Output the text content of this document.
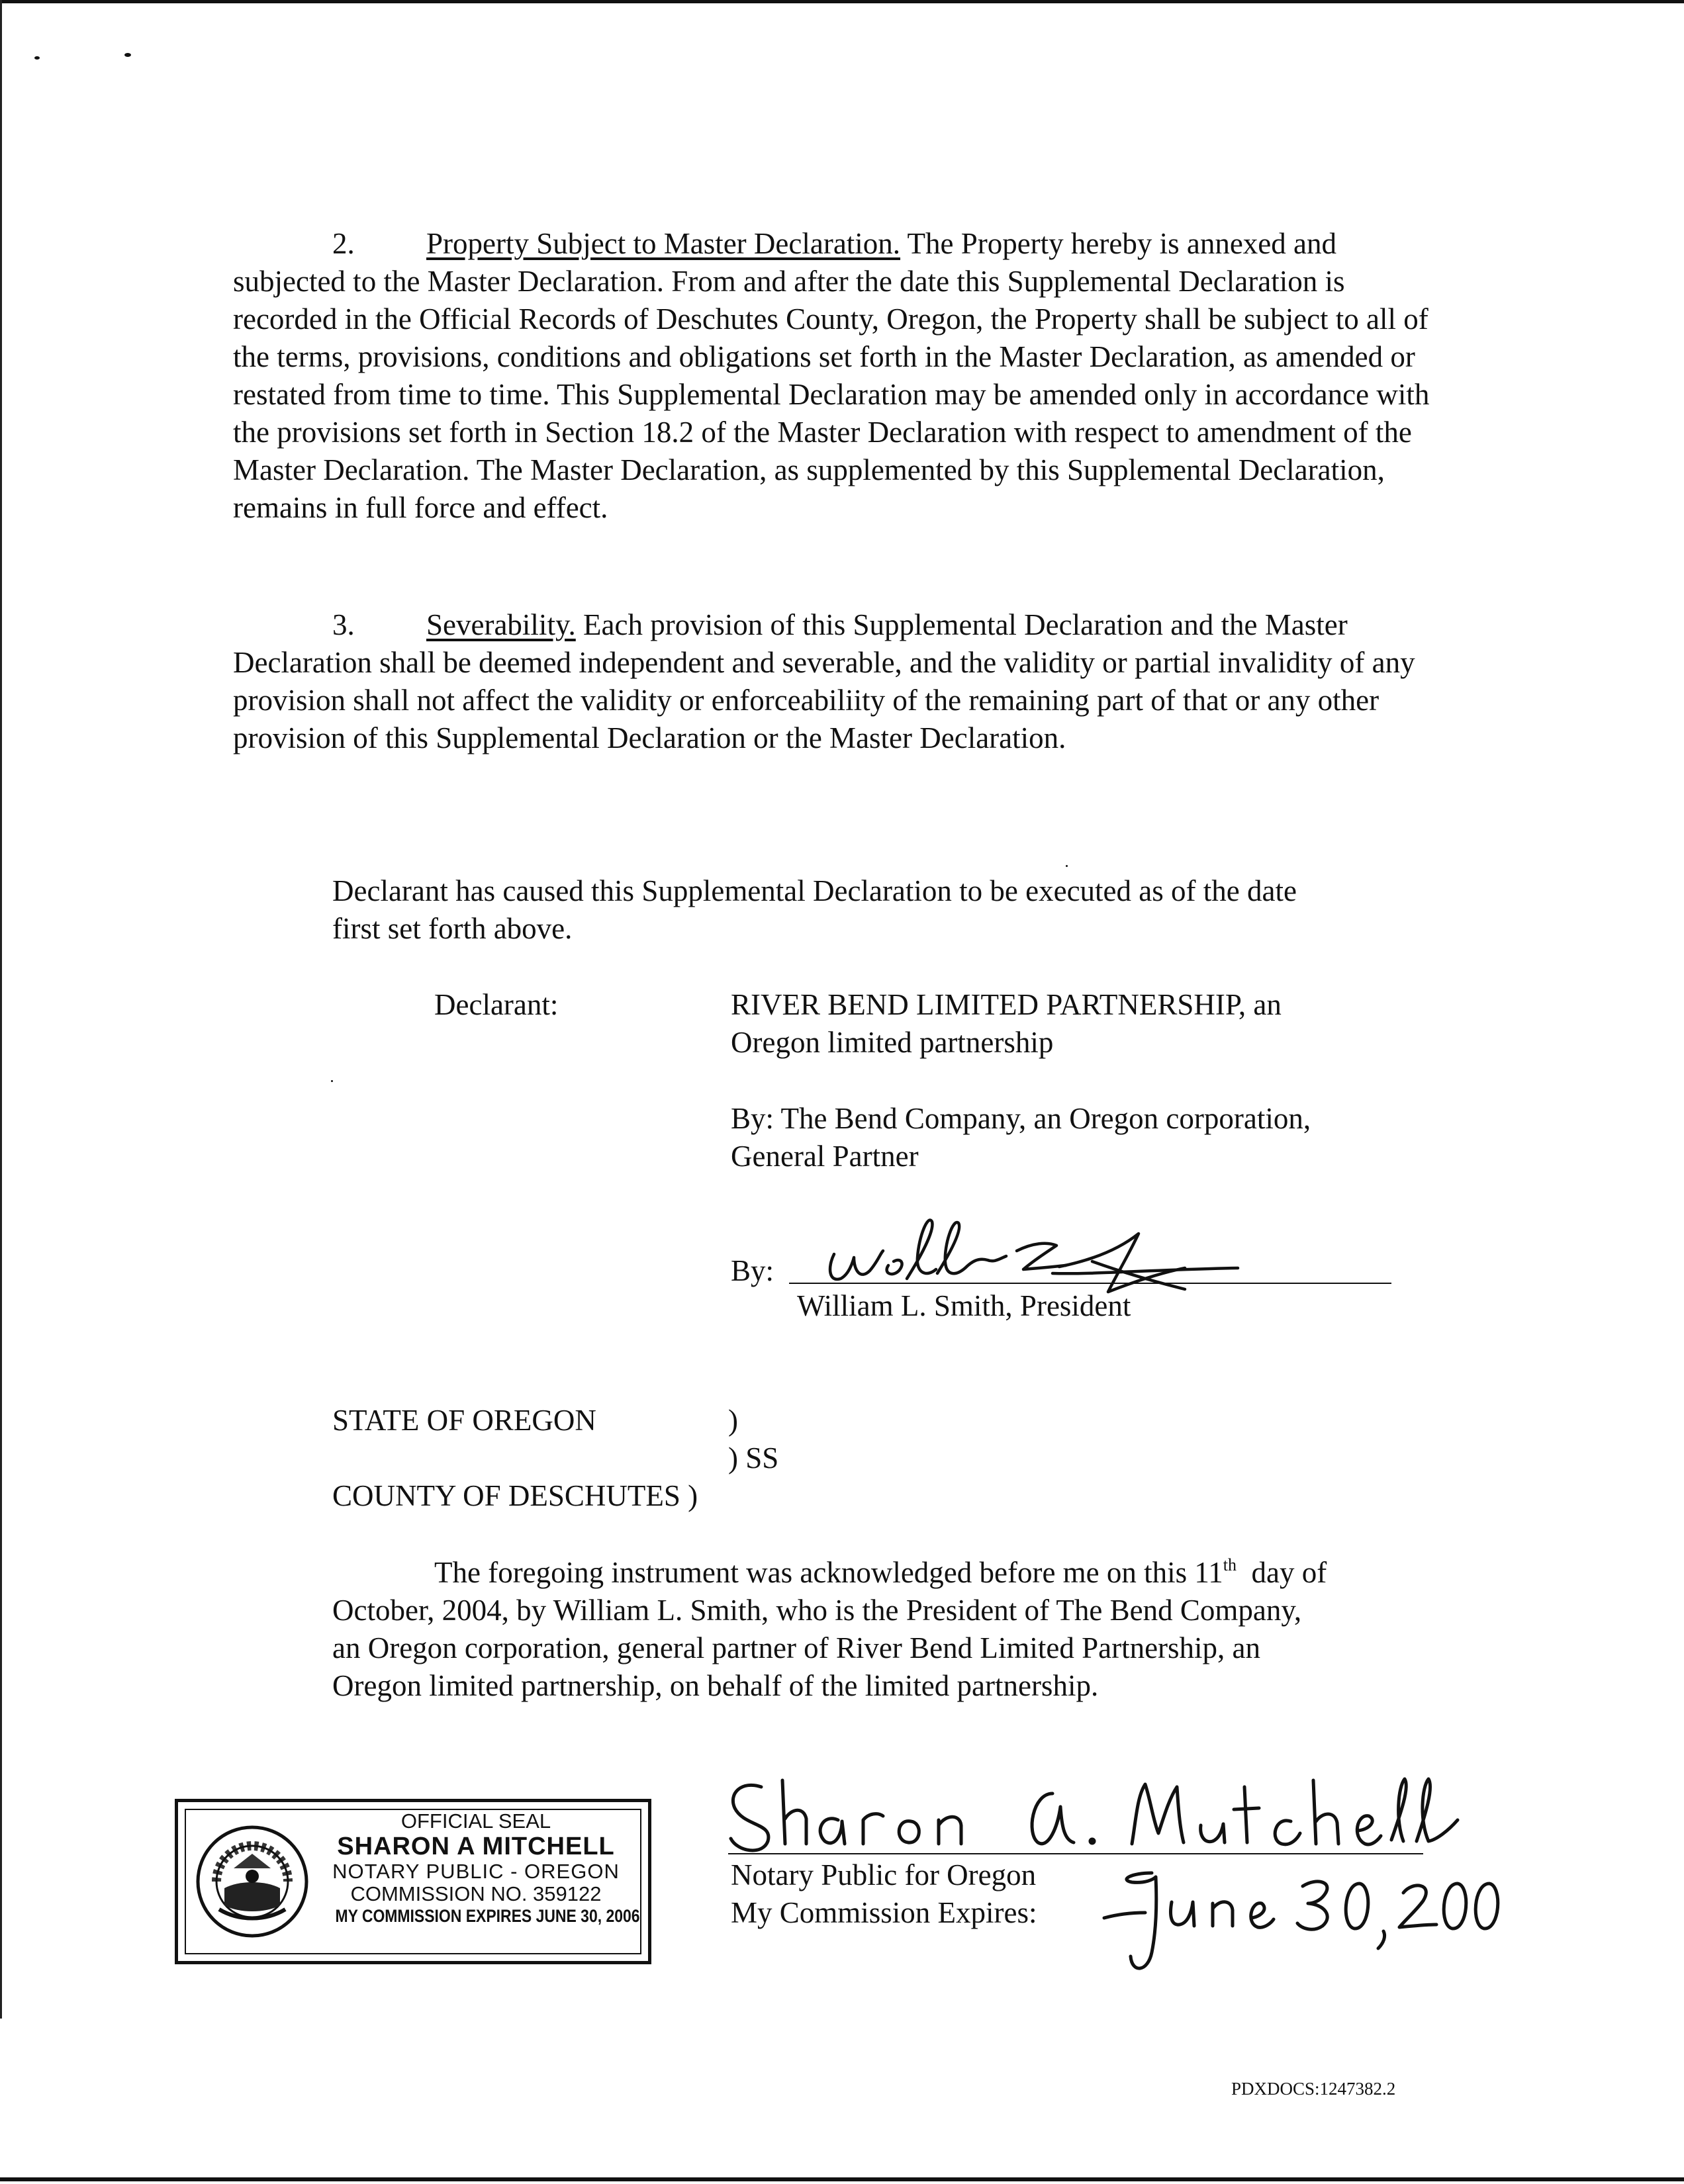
2. Property Subject to Master Declaration. The Property hereby is annexed and subjected to the Master Declaration. From and after the date this Supplemental Declaration is recorded in the Official Records of Deschutes County, Oregon, the Property shall be subject to all of the terms, provisions, conditions and obligations set forth in the Master Declaration, as amended or restated from time to time. This Supplemental Declaration may be amended only in accordance with the provisions set forth in Section 18.2 of the Master Declaration with respect to amendment of the Master Declaration. The Master Declaration, as supplemented by this Supplemental Declaration, remains in full force and effect.

3. Severability. Each provision of this Supplemental Declaration and the Master Declaration shall be deemed independent and severable, and the validity or partial invalidity of any provision shall not affect the validity or enforceabiliity of the remaining part of that or any other provision of this Supplemental Declaration or the Master Declaration.

Declarant has caused this Supplemental Declaration to be executed as of the date
first set forth above.
Declarant:	RIVER BEND LIMITED PARTNERSHIP, an
Oregon limited partnership
By: The Bend Company, an Oregon corporation,
General Partner
By:
William L. Smith, President
STATE OF OREGON	)
) SS
COUNTY OF DESCHUTES )
The foregoing instrument was acknowledged before me on this 11th  day of
October, 2004, by William L. Smith, who is the President of The Bend Company,
an Oregon corporation, general partner of River Bend Limited Partnership, an
Oregon limited partnership, on behalf of the limited partnership.
OFFICIAL SEAL
SHARON A MITCHELL
NOTARY PUBLIC - OREGON
COMMISSION NO. 359122
MY COMMISSION EXPIRES JUNE 30, 2006
Notary Public for Oregon
My Commission Expires:
PDXDOCS:1247382.2
